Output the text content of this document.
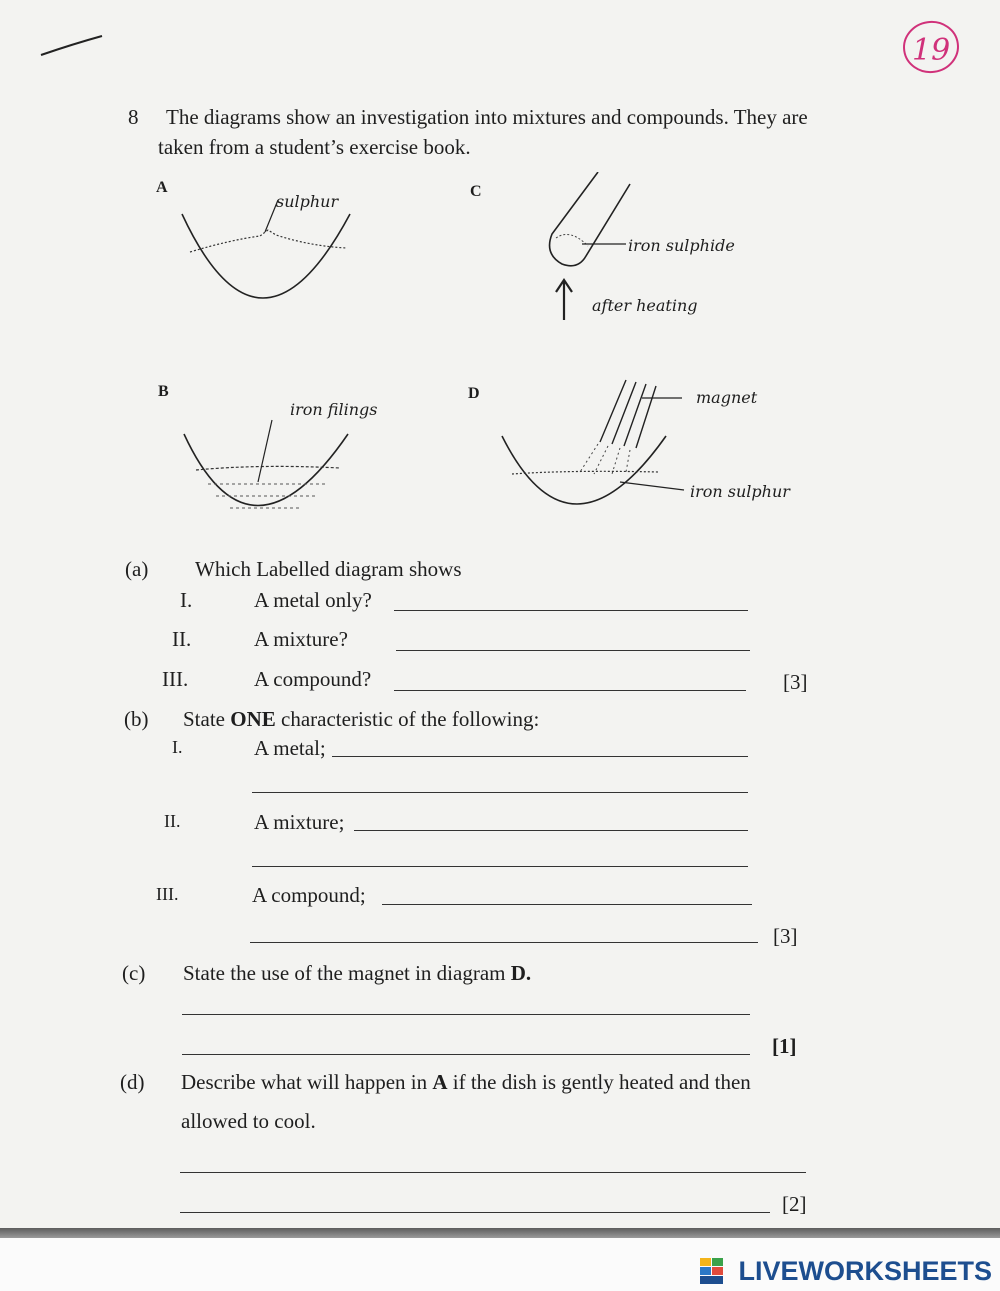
19
8 The diagrams show an investigation into mixtures and compounds. They are
taken from a student’s exercise book.
A
sulphur
C
iron sulphide
after heating
B
iron filings
D	magnet
iron sulphur
(a) Which Labelled diagram shows
I.	A metal only?
II.	A mixture?
III.	A compound?	[3]
(b) State ONE characteristic of the following:
I.	A metal;
II.	A mixture;
III.	A compound;
[3]
(c) State the use of the magnet in diagram D.
[1]
(d) Describe what will happen in A if the dish is gently heated and then
allowed to cool.
[2]
LIVEWORKSHEETS
